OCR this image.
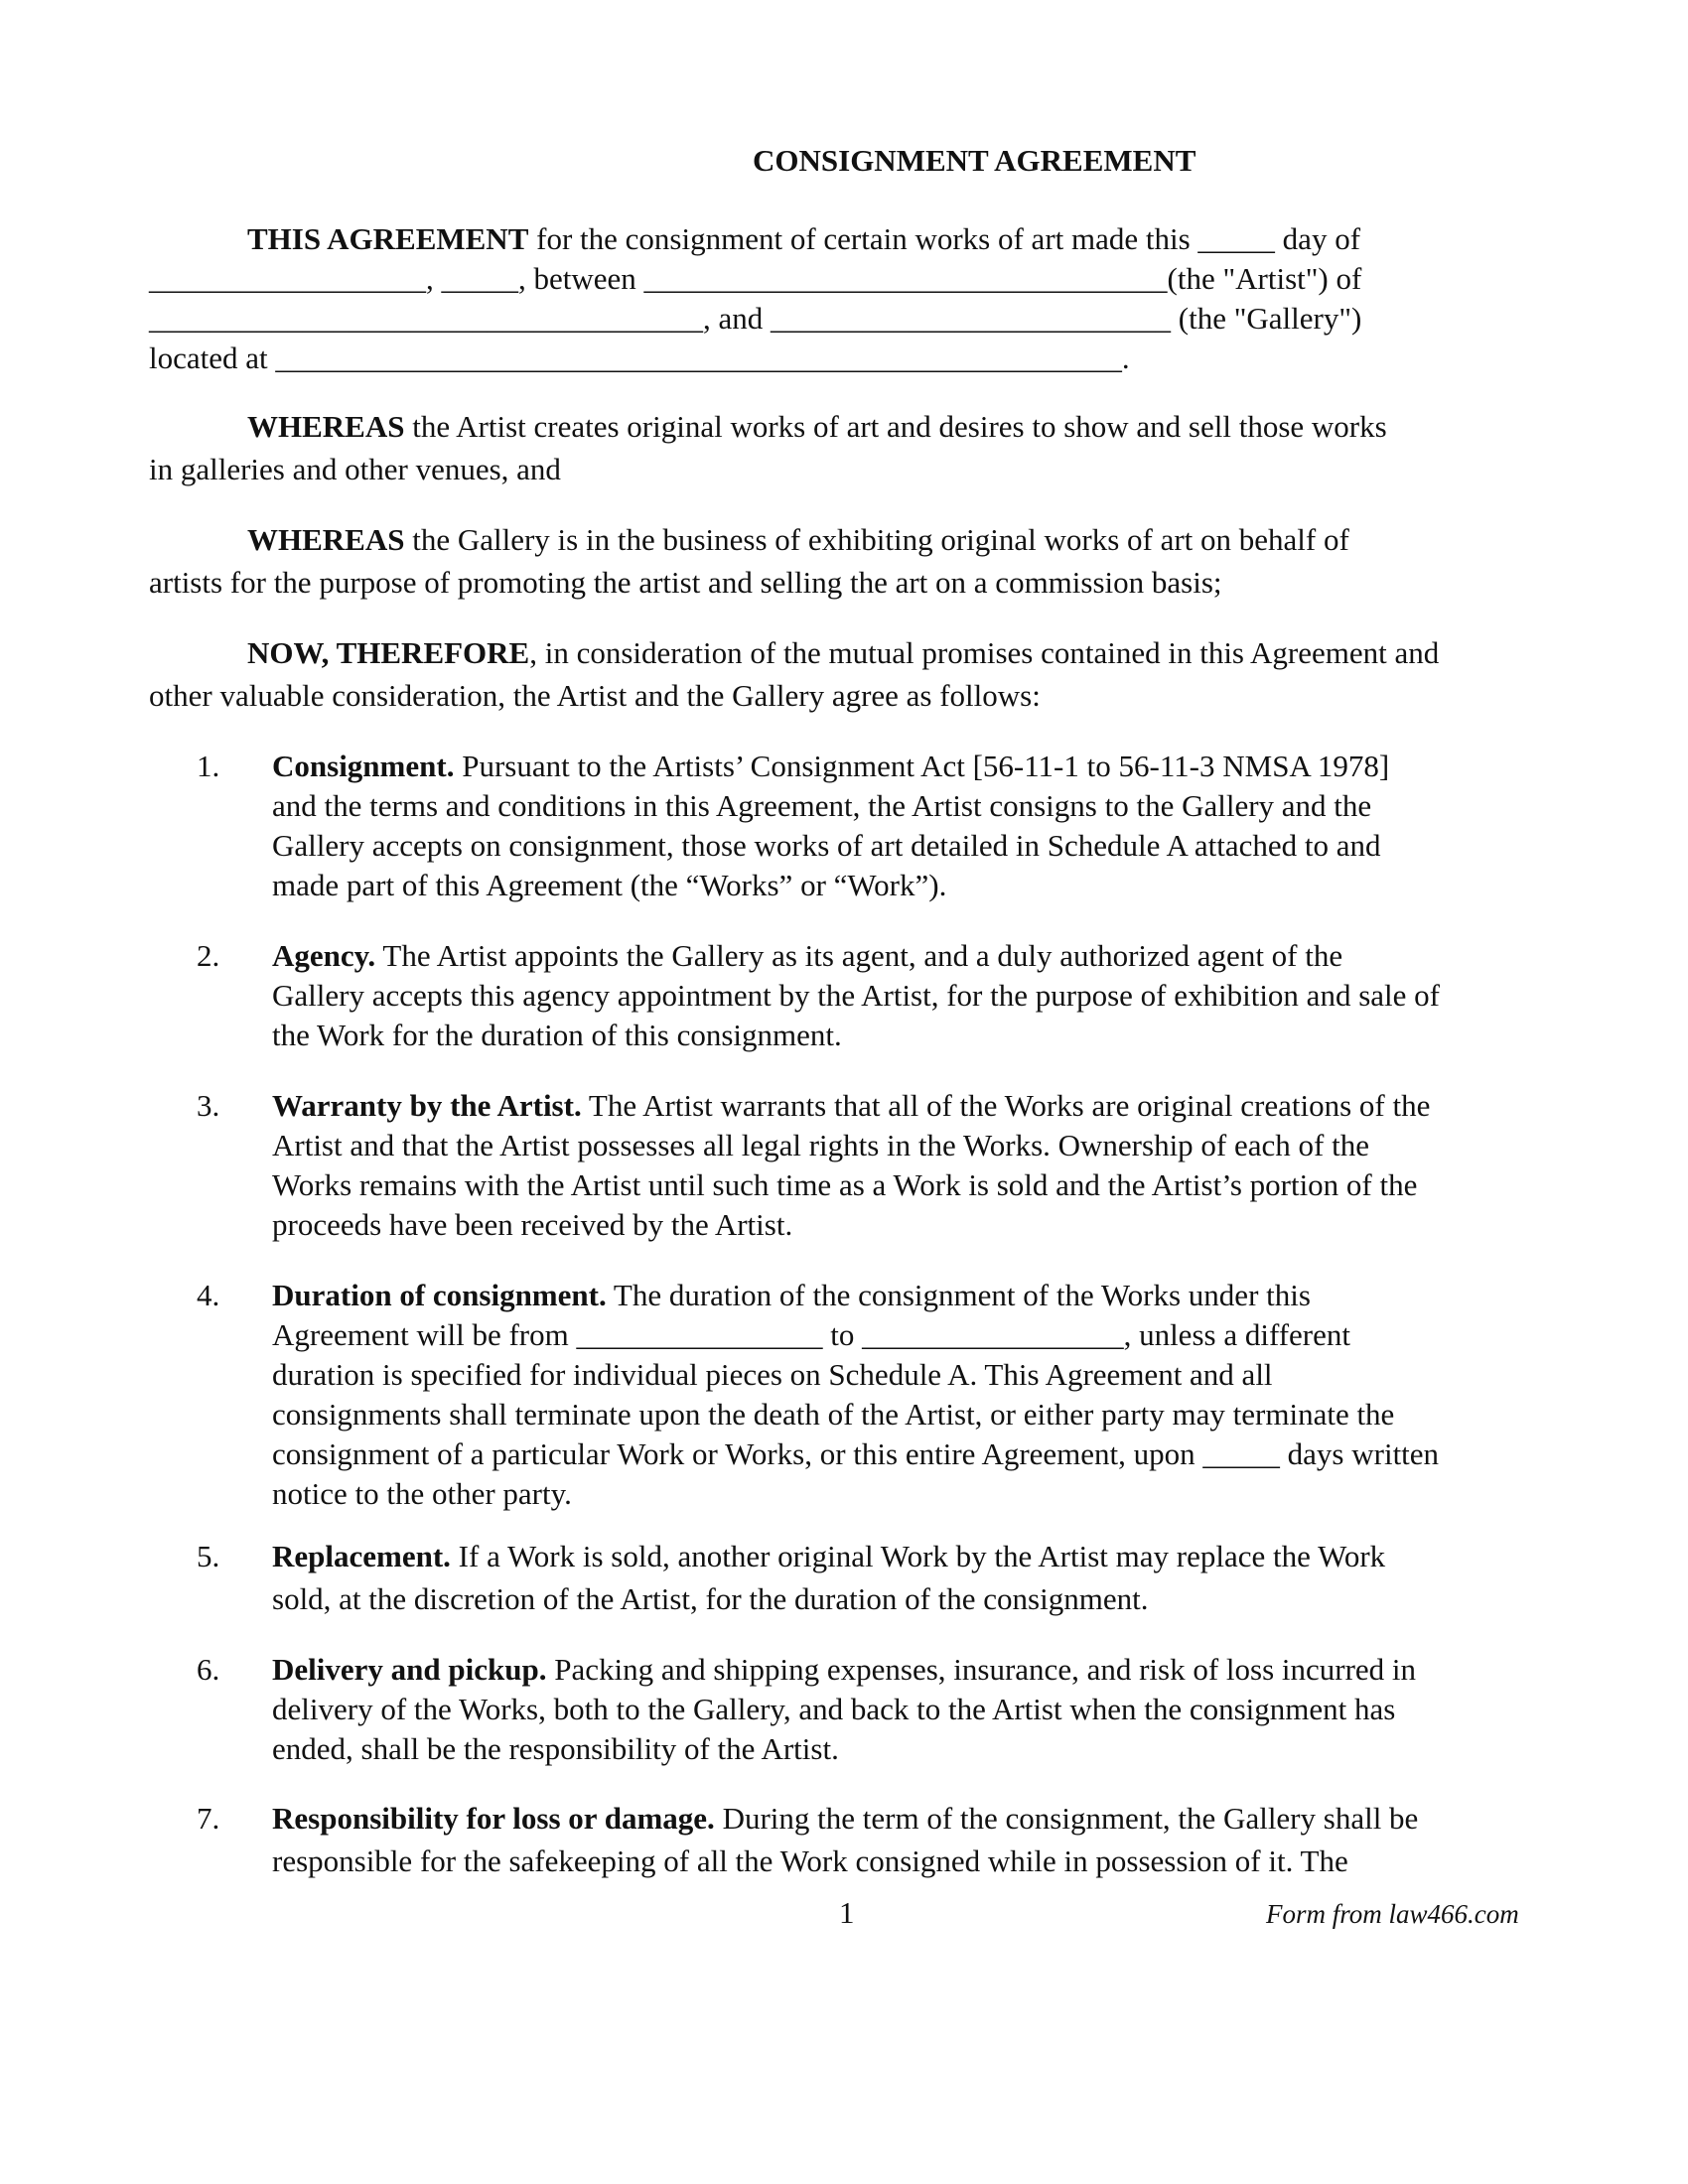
CONSIGNMENT AGREEMENT
THIS AGREEMENT for the consignment of certain works of art made this _____ day of
__________________, _____, between __________________________________(the "Artist") of
____________________________________, and __________________________ (the "Gallery")
located at _______________________________________________________.
WHEREAS the Artist creates original works of art and desires to show and sell those works
in galleries and other venues, and
WHEREAS the Gallery is in the business of exhibiting original works of art on behalf of
artists for the purpose of promoting the artist and selling the art on a commission basis;
NOW, THEREFORE, in consideration of the mutual promises contained in this Agreement and
other valuable consideration, the Artist and the Gallery agree as follows:
1. Consignment. Pursuant to the Artists’ Consignment Act [56-11-1 to 56-11-3 NMSA 1978]
and the terms and conditions in this Agreement, the Artist consigns to the Gallery and the
Gallery accepts on consignment, those works of art detailed in Schedule A attached to and
made part of this Agreement (the “Works” or “Work”).
2. Agency. The Artist appoints the Gallery as its agent, and a duly authorized agent of the
Gallery accepts this agency appointment by the Artist, for the purpose of exhibition and sale of
the Work for the duration of this consignment.
3. Warranty by the Artist. The Artist warrants that all of the Works are original creations of the
Artist and that the Artist possesses all legal rights in the Works. Ownership of each of the
Works remains with the Artist until such time as a Work is sold and the Artist’s portion of the
proceeds have been received by the Artist.
4. Duration of consignment. The duration of the consignment of the Works under this
Agreement will be from ________________ to _________________, unless a different
duration is specified for individual pieces on Schedule A. This Agreement and all
consignments shall terminate upon the death of the Artist, or either party may terminate the
consignment of a particular Work or Works, or this entire Agreement, upon _____ days written
notice to the other party.
5. Replacement. If a Work is sold, another original Work by the Artist may replace the Work
sold, at the discretion of the Artist, for the duration of the consignment.
6. Delivery and pickup. Packing and shipping expenses, insurance, and risk of loss incurred in
delivery of the Works, both to the Gallery, and back to the Artist when the consignment has
ended, shall be the responsibility of the Artist.
7. Responsibility for loss or damage. During the term of the consignment, the Gallery shall be
responsible for the safekeeping of all the Work consigned while in possession of it. The
1	Form from law466.com
